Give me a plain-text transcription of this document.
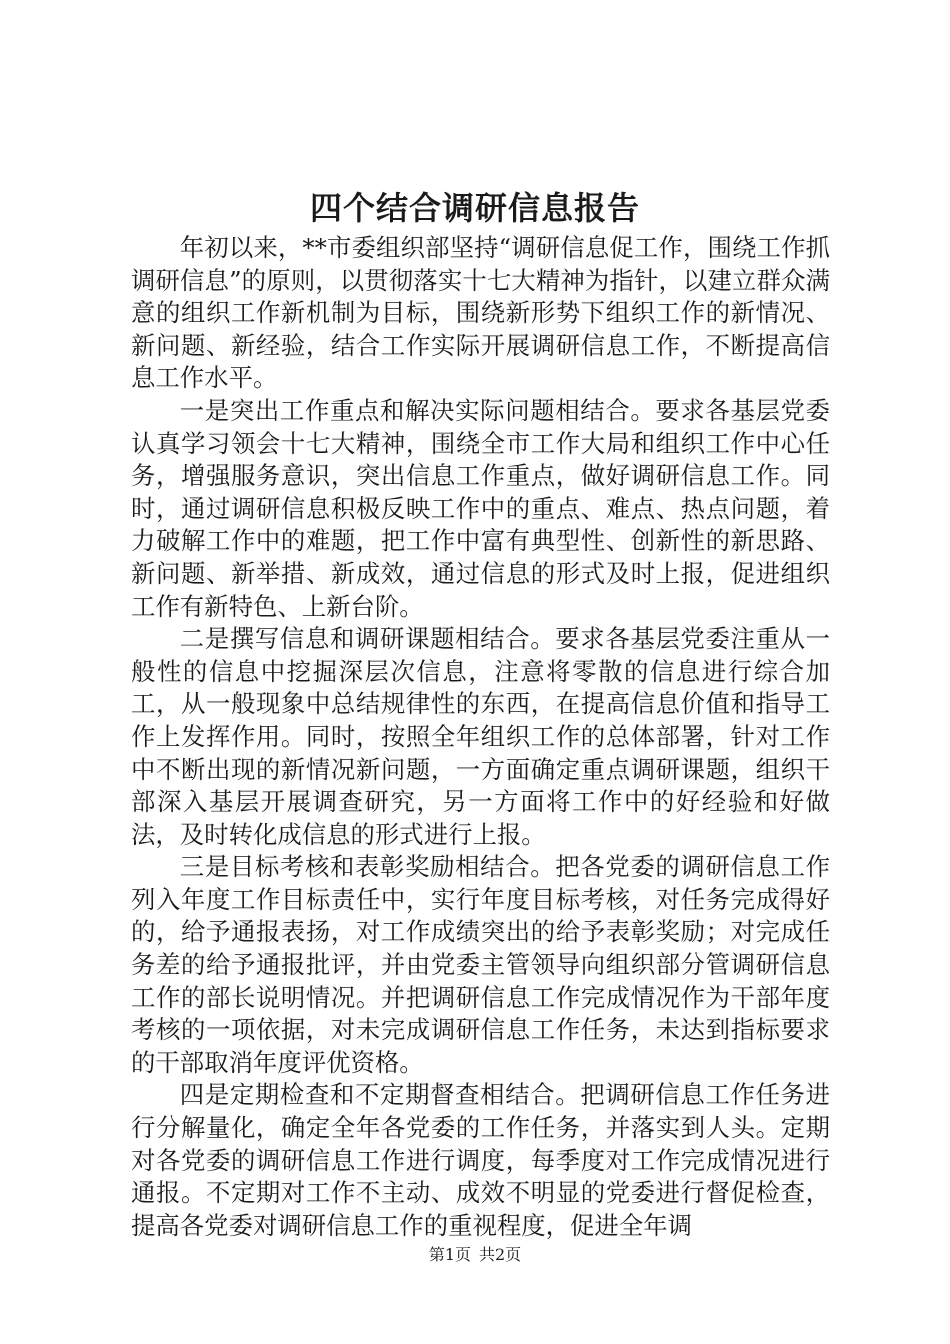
四个结合调研信息报告

年初以来，**市委组织部坚持“调研信息促工作，围绕工作抓调研信息”的原则，以贯彻落实十七大精神为指针，以建立群众满意的组织工作新机制为目标，围绕新形势下组织工作的新情况、新问题、新经验，结合工作实际开展调研信息工作，不断提高信息工作水平。

一是突出工作重点和解决实际问题相结合。要求各基层党委认真学习领会十七大精神，围绕全市工作大局和组织工作中心任务，增强服务意识，突出信息工作重点，做好调研信息工作。同时，通过调研信息积极反映工作中的重点、难点、热点问题，着力破解工作中的难题，把工作中富有典型性、创新性的新思路、新问题、新举措、新成效，通过信息的形式及时上报，促进组织工作有新特色、上新台阶。

二是撰写信息和调研课题相结合。要求各基层党委注重从一般性的信息中挖掘深层次信息，注意将零散的信息进行综合加工，从一般现象中总结规律性的东西，在提高信息价值和指导工作上发挥作用。同时，按照全年组织工作的总体部署，针对工作中不断出现的新情况新问题，一方面确定重点调研课题，组织干部深入基层开展调查研究，另一方面将工作中的好经验和好做法，及时转化成信息的形式进行上报。

三是目标考核和表彰奖励相结合。把各党委的调研信息工作列入年度工作目标责任中，实行年度目标考核，对任务完成得好的，给予通报表扬，对工作成绩突出的给予表彰奖励；对完成任务差的给予通报批评，并由党委主管领导向组织部分管调研信息工作的部长说明情况。并把调研信息工作完成情况作为干部年度考核的一项依据，对未完成调研信息工作任务，未达到指标要求的干部取消年度评优资格。

四是定期检查和不定期督查相结合。把调研信息工作任务进行分解量化，确定全年各党委的工作任务，并落实到人头。定期对各党委的调研信息工作进行调度，每季度对工作完成情况进行通报。不定期对工作不主动、成效不明显的党委进行督促检查，提高各党委对调研信息工作的重视程度，促进全年调

第1页 共2页
